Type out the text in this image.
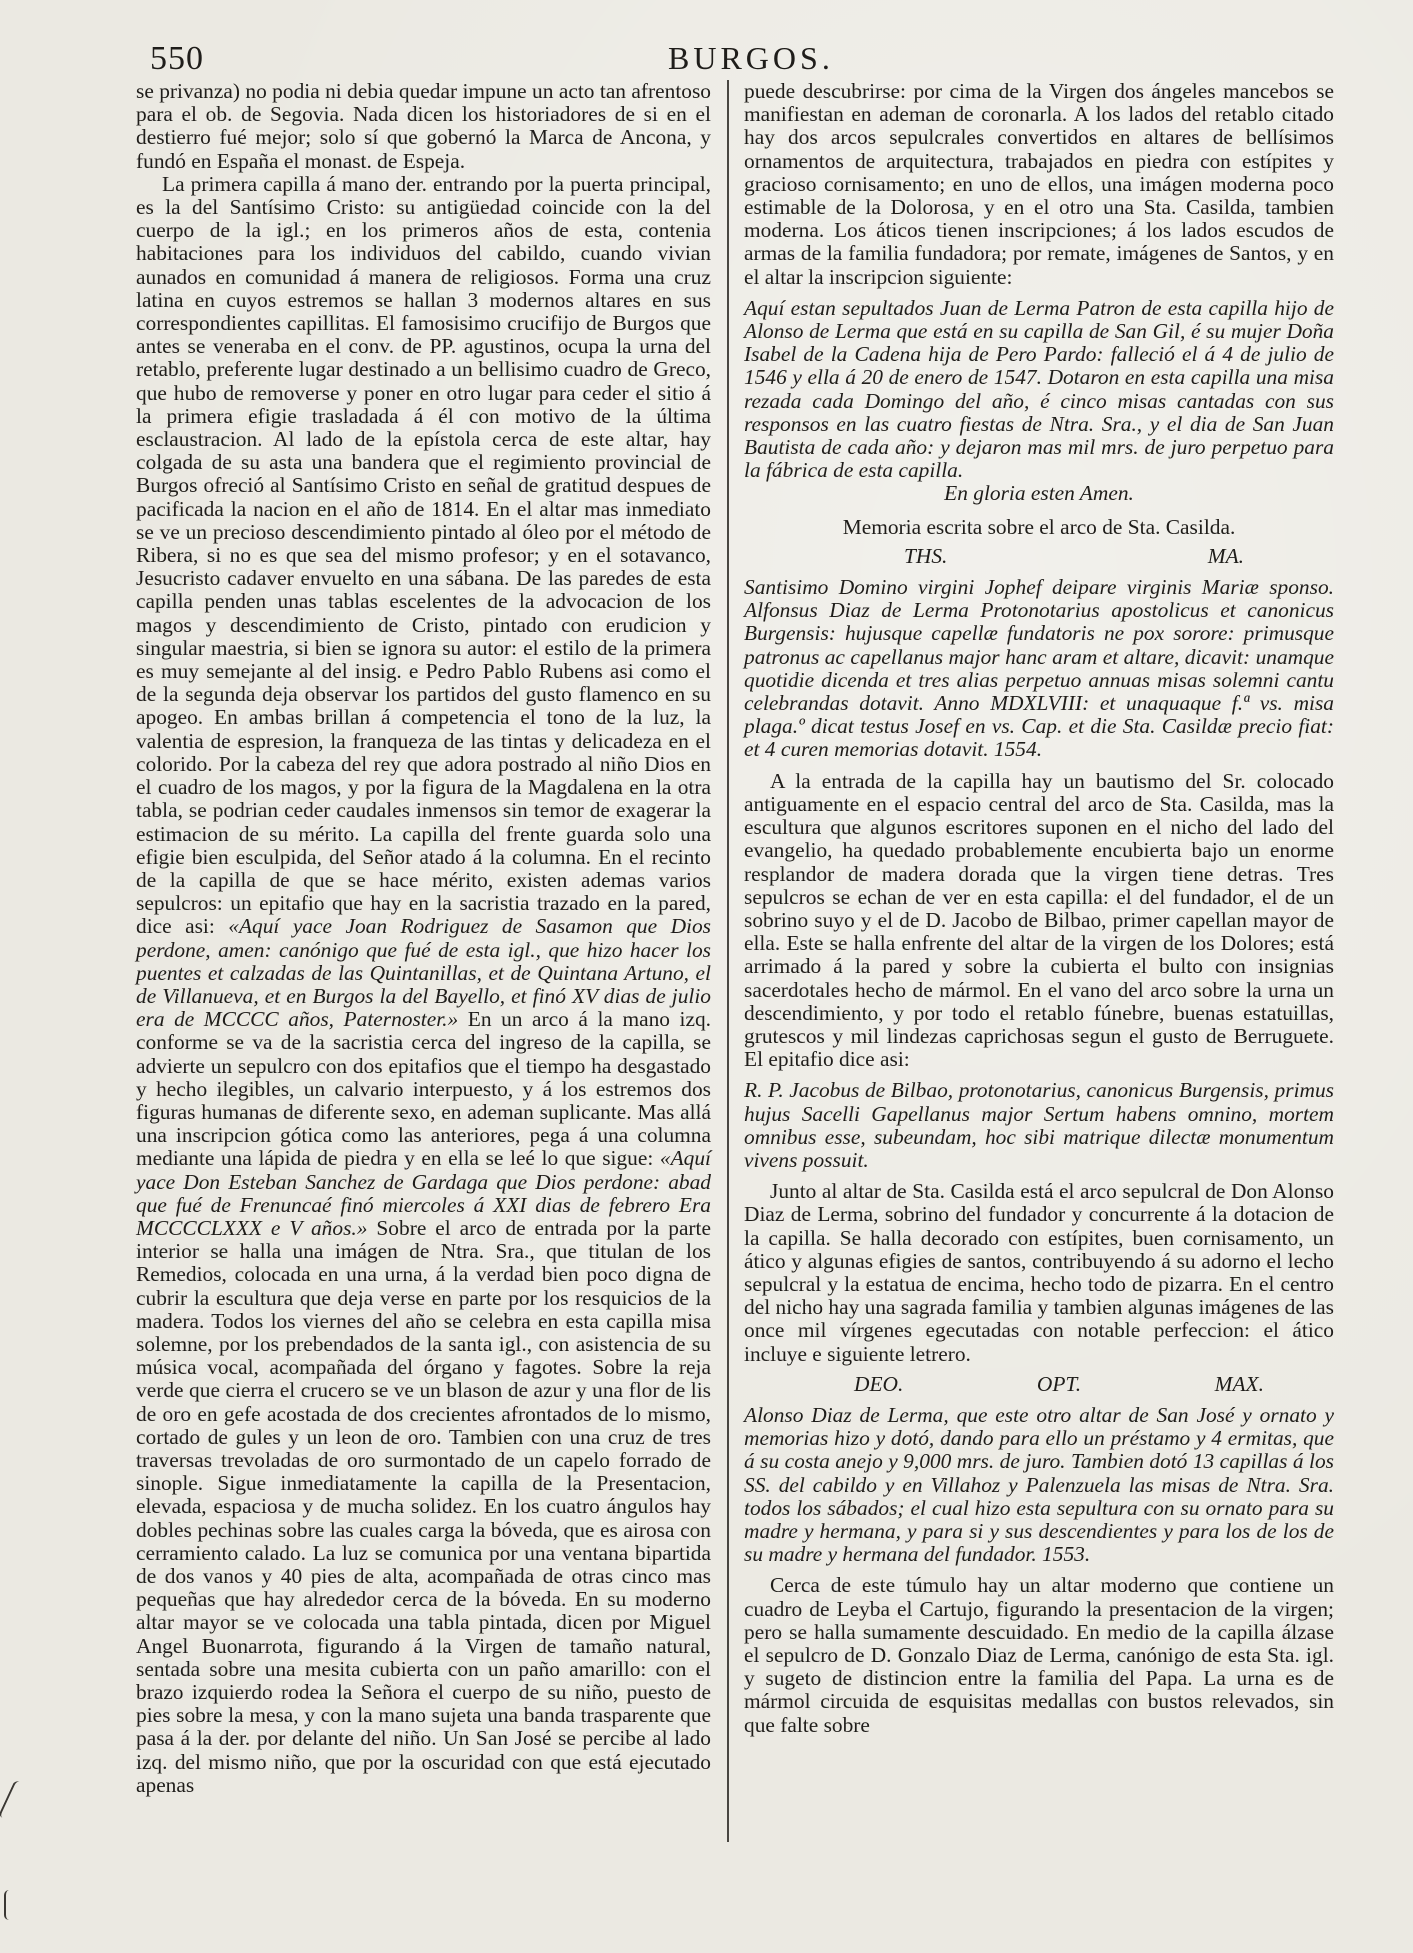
550	BURGOS.

se privanza) no podia ni debia quedar impune un acto tan afrentoso para el ob. de Segovia. Nada dicen los historiadores de si en el destierro fué mejor; solo sí que gobernó la Marca de Ancona, y fundó en España el monast. de Espeja.

La primera capilla á mano der. entrando por la puerta principal, es la del Santísimo Cristo: su antigüedad coincide con la del cuerpo de la igl.; en los primeros años de esta, contenia habitaciones para los individuos del cabildo, cuando vivian aunados en comunidad á manera de religiosos. Forma una cruz latina en cuyos estremos se hallan 3 modernos altares en sus correspondientes capillitas. El famosisimo crucifijo de Burgos que antes se veneraba en el conv. de PP. agustinos, ocupa la urna del retablo, preferente lugar destinado a un bellisimo cuadro de Greco, que hubo de removerse y poner en otro lugar para ceder el sitio á la primera efigie trasladada á él con motivo de la última esclaustracion. Al lado de la epístola cerca de este altar, hay colgada de su asta una bandera que el regimiento provincial de Burgos ofreció al Santísimo Cristo en señal de gratitud despues de pacificada la nacion en el año de 1814. En el altar mas inmediato se ve un precioso descendimiento pintado al óleo por el método de Ribera, si no es que sea del mismo profesor; y en el sotavanco, Jesucristo cadaver envuelto en una sábana. De las paredes de esta capilla penden unas tablas escelentes de la advocacion de los magos y descendimiento de Cristo, pintado con erudicion y singular maestria, si bien se ignora su autor: el estilo de la primera es muy semejante al del insig. e Pedro Pablo Rubens asi como el de la segunda deja observar los partidos del gusto flamenco en su apogeo. En ambas brillan á competencia el tono de la luz, la valentia de espresion, la franqueza de las tintas y delicadeza en el colorido. Por la cabeza del rey que adora postrado al niño Dios en el cuadro de los magos, y por la figura de la Magdalena en la otra tabla, se podrian ceder caudales inmensos sin temor de exagerar la estimacion de su mérito. La capilla del frente guarda solo una efigie bien esculpida, del Señor atado á la columna. En el recinto de la capilla de que se hace mérito, existen ademas varios sepulcros: un epitafio que hay en la sacristia trazado en la pared, dice asi: «Aquí yace Joan Rodriguez de Sasamon que Dios perdone, amen: canónigo que fué de esta igl., que hizo hacer los puentes et calzadas de las Quintanillas, et de Quintana Artuno, el de Villanueva, et en Burgos la del Bayello, et finó XV dias de julio era de MCCCC años, Paternoster.» En un arco á la mano izq. conforme se va de la sacristia cerca del ingreso de la capilla, se advierte un sepulcro con dos epitafios que el tiempo ha desgastado y hecho ilegibles, un calvario interpuesto, y á los estremos dos figuras humanas de diferente sexo, en ademan suplicante. Mas allá una inscripcion gótica como las anteriores, pega á una columna mediante una lápida de piedra y en ella se leé lo que sigue: «Aquí yace Don Esteban Sanchez de Gardaga que Dios perdone: abad que fué de Frenuncaé finó miercoles á XXI dias de febrero Era MCCCCLXXX e V años.» Sobre el arco de entrada por la parte interior se halla una imágen de Ntra. Sra., que titulan de los Remedios, colocada en una urna, á la verdad bien poco digna de cubrir la escultura que deja verse en parte por los resquicios de la madera. Todos los viernes del año se celebra en esta capilla misa solemne, por los prebendados de la santa igl., con asistencia de su música vocal, acompañada del órgano y fagotes. Sobre la reja verde que cierra el crucero se ve un blason de azur y una flor de lis de oro en gefe acostada de dos crecientes afrontados de lo mismo, cortado de gules y un leon de oro. Tambien con una cruz de tres traversas trevoladas de oro surmontado de un capelo forrado de sinople. Sigue inmediatamente la capilla de la Presentacion, elevada, espaciosa y de mucha solidez. En los cuatro ángulos hay dobles pechinas sobre las cuales carga la bóveda, que es airosa con cerramiento calado. La luz se comunica por una ventana bipartida de dos vanos y 40 pies de alta, acompañada de otras cinco mas pequeñas que hay alrededor cerca de la bóveda. En su moderno altar mayor se ve colocada una tabla pintada, dicen por Miguel Angel Buonarrota, figurando á la Virgen de tamaño natural, sentada sobre una mesita cubierta con un paño amarillo: con el brazo izquierdo rodea la Señora el cuerpo de su niño, puesto de pies sobre la mesa, y con la mano sujeta una banda trasparente que pasa á la der. por delante del niño. Un San José se percibe al lado izq. del mismo niño, que por la oscuridad con que está ejecutado apenas

puede descubrirse: por cima de la Virgen dos ángeles mancebos se manifiestan en ademan de coronarla. A los lados del retablo citado hay dos arcos sepulcrales convertidos en altares de bellísimos ornamentos de arquitectura, trabajados en piedra con estípites y gracioso cornisamento; en uno de ellos, una imágen moderna poco estimable de la Dolorosa, y en el otro una Sta. Casilda, tambien moderna. Los áticos tienen inscripciones; á los lados escudos de armas de la familia fundadora; por remate, imágenes de Santos, y en el altar la inscripcion siguiente:

Aquí estan sepultados Juan de Lerma Patron de esta capilla hijo de Alonso de Lerma que está en su capilla de San Gil, é su mujer Doña Isabel de la Cadena hija de Pero Pardo: falleció el á 4 de julio de 1546 y ella á 20 de enero de 1547. Dotaron en esta capilla una misa rezada cada Domingo del año, é cinco misas cantadas con sus responsos en las cuatro fiestas de Ntra. Sra., y el dia de San Juan Bautista de cada año: y dejaron mas mil mrs. de juro perpetuo para la fábrica de esta capilla.
En gloria esten Amen.

Memoria escrita sobre el arco de Sta. Casilda.

THS.	MA.

Santisimo Domino virgini Jophef deipare virginis Mariæ sponso. Alfonsus Diaz de Lerma Protonotarius apostolicus et canonicus Burgensis: hujusque capellæ fundatoris ne pox sorore: primusque patronus ac capellanus major hanc aram et altare, dicavit: unamque quotidie dicenda et tres alias perpetuo annuas misas solemni cantu celebrandas dotavit. Anno MDXLVIII: et unaquaque f.ª vs. misa plaga.º dicat testus Josef en vs. Cap. et die Sta. Casildæ precio fiat: et 4 curen memorias dotavit. 1554.

A la entrada de la capilla hay un bautismo del Sr. colocado antiguamente en el espacio central del arco de Sta. Casilda, mas la escultura que algunos escritores suponen en el nicho del lado del evangelio, ha quedado probablemente encubierta bajo un enorme resplandor de madera dorada que la virgen tiene detras. Tres sepulcros se echan de ver en esta capilla: el del fundador, el de un sobrino suyo y el de D. Jacobo de Bilbao, primer capellan mayor de ella. Este se halla enfrente del altar de la virgen de los Dolores; está arrimado á la pared y sobre la cubierta el bulto con insignias sacerdotales hecho de mármol. En el vano del arco sobre la urna un descendimiento, y por todo el retablo fúnebre, buenas estatuillas, grutescos y mil lindezas caprichosas segun el gusto de Berruguete. El epitafio dice asi:

R. P. Jacobus de Bilbao, protonotarius, canonicus Burgensis, primus hujus Sacelli Gapellanus major Sertum habens omnino, mortem omnibus esse, subeundam, hoc sibi matrique dilectæ monumentum vivens possuit.

Junto al altar de Sta. Casilda está el arco sepulcral de Don Alonso Diaz de Lerma, sobrino del fundador y concurrente á la dotacion de la capilla. Se halla decorado con estípites, buen cornisamento, un ático y algunas efigies de santos, contribuyendo á su adorno el lecho sepulcral y la estatua de encima, hecho todo de pizarra. En el centro del nicho hay una sagrada familia y tambien algunas imágenes de las once mil vírgenes egecutadas con notable perfeccion: el ático incluye e siguiente letrero.

DEO.	OPT.	MAX.

Alonso Diaz de Lerma, que este otro altar de San José y ornato y memorias hizo y dotó, dando para ello un préstamo y 4 ermitas, que á su costa anejo y 9,000 mrs. de juro. Tambien dotó 13 capillas á los SS. del cabildo y en Villahoz y Palenzuela las misas de Ntra. Sra. todos los sábados; el cual hizo esta sepultura con su ornato para su madre y hermana, y para si y sus descendientes y para los de los de su madre y hermana del fundador. 1553.

Cerca de este túmulo hay un altar moderno que contiene un cuadro de Leyba el Cartujo, figurando la presentacion de la virgen; pero se halla sumamente descuidado. En medio de la capilla álzase el sepulcro de D. Gonzalo Diaz de Lerma, canónigo de esta Sta. igl. y sugeto de distincion entre la familia del Papa. La urna es de mármol circuida de esquisitas medallas con bustos relevados, sin que falte sobre
